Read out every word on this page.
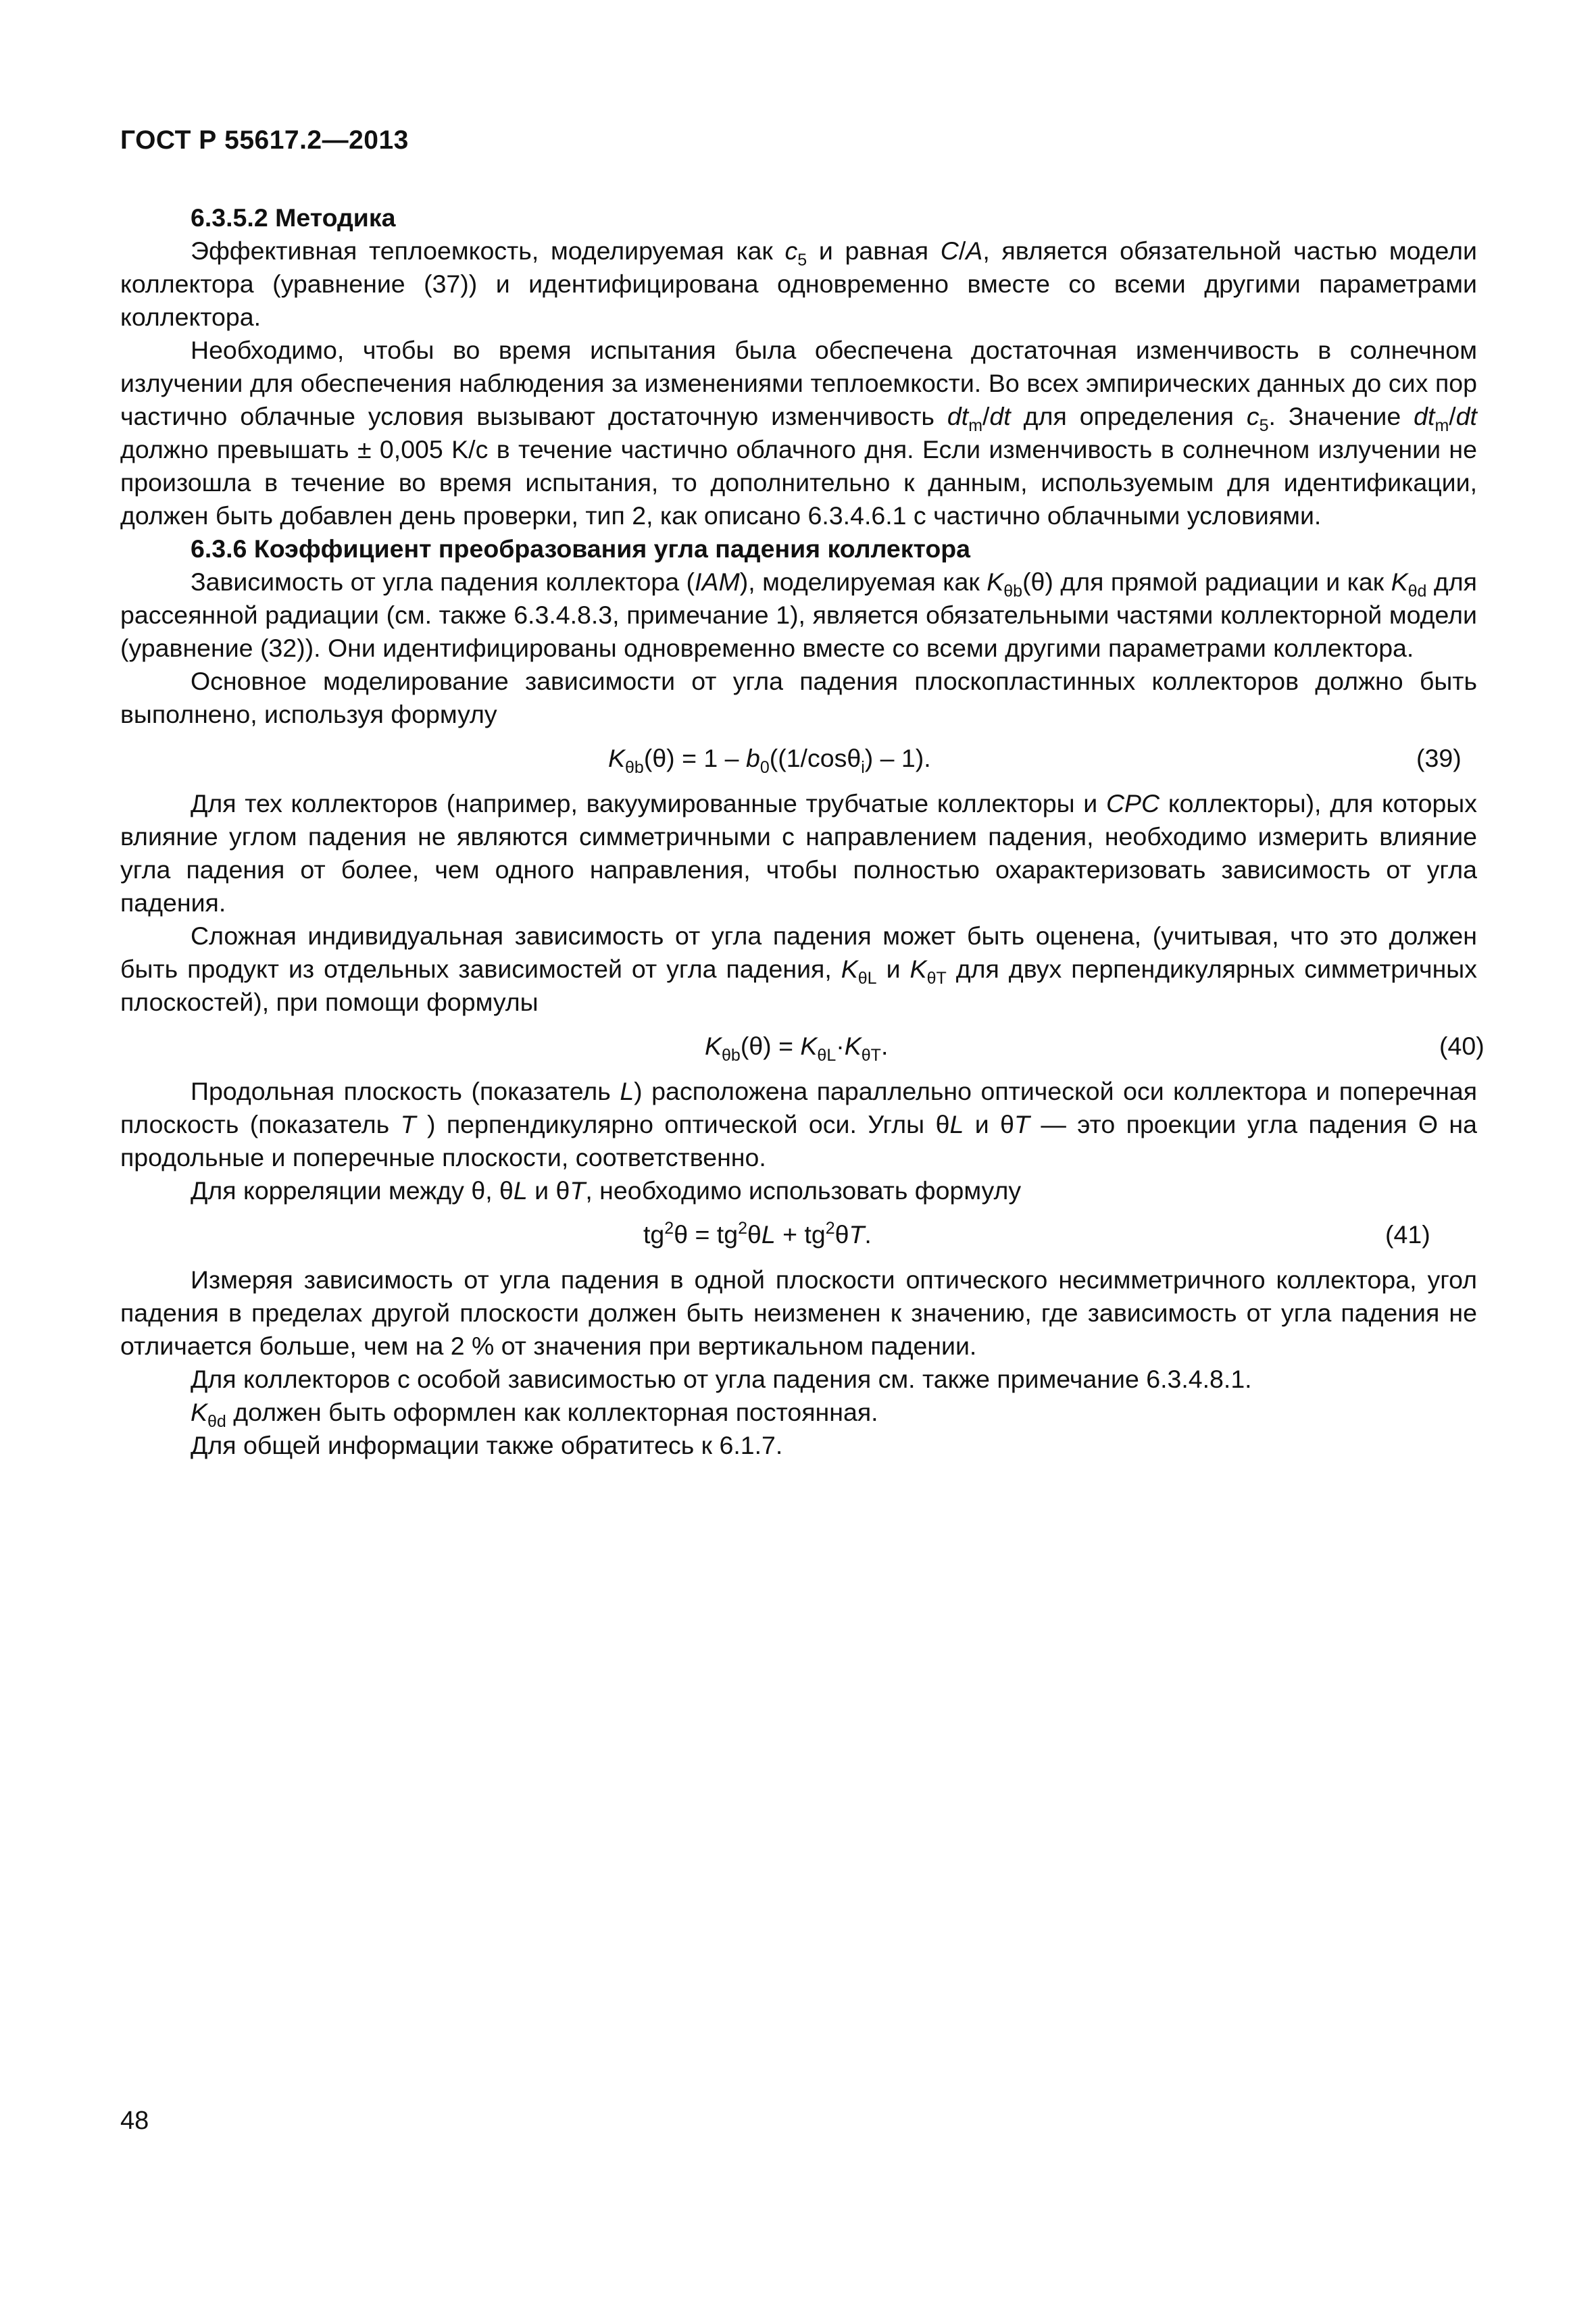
ГОСТ Р 55617.2—2013
6.3.5.2 Методика

Эффективная теплоемкость, моделируемая как $c_5$ и равная C/A, является обязательной частью модели коллектора (уравнение (37)) и идентифицирована одновременно вместе со всеми другими параметрами коллектора.

Необходимо, чтобы во время испытания была обеспечена достаточная изменчивость в солнечном излучении для обеспечения наблюдения за изменениями теплоемкости. Во всех эмпирических данных до сих пор частично облачные условия вызывают достаточную изменчивость $dt_m/dt$ для определения $c_5$. Значение $dt_m/dt$ должно превышать ± 0,005 K/с в течение частично облачного дня. Если изменчивость в солнечном излучении не произошла в течение во время испытания, то дополнительно к данным, используемым для идентификации, должен быть добавлен день проверки, тип 2, как описано 6.3.4.6.1 с частично облачными условиями.

6.3.6 Коэффициент преобразования угла падения коллектора

Зависимость от угла падения коллектора (IAM), моделируемая как $K_{\theta b}(\theta)$ для прямой радиации и как $K_{\theta d}$ для рассеянной радиации (см. также 6.3.4.8.3, примечание 1), является обязательными частями коллекторной модели (уравнение (32)). Они идентифицированы одновременно вместе со всеми другими параметрами коллектора.

Основное моделирование зависимости от угла падения плоскопластинных коллекторов должно быть выполнено, используя формулу

$K_{\theta b}(\theta) = 1 - b_0((1/\cos\theta_i) - 1)$.	(39)

Для тех коллекторов (например, вакуумированные трубчатые коллекторы и CPC коллекторы), для которых влияние углом падения не являются симметричными с направлением падения, необходимо измерить влияние угла падения от более, чем одного направления, чтобы полностью охарактеризовать зависимость от угла падения.

Сложная индивидуальная зависимость от угла падения может быть оценена, (учитывая, что это должен быть продукт из отдельных зависимостей от угла падения, $K_{\theta L}$ и $K_{\theta T}$ для двух перпендикулярных симметричных плоскостей), при помощи формулы

$K_{\theta b}(\theta) = K_{\theta L}\cdot K_{\theta T}$.	(40)

Продольная плоскость (показатель L) расположена параллельно оптической оси коллектора и поперечная плоскость (показатель T ) перпендикулярно оптической оси. Углы θL и θT — это проекции угла падения Θ на продольные и поперечные плоскости, соответственно.

Для корреляции между θ, θL и θT, необходимо использовать формулу

$tg^2\theta = tg^2\theta L + tg^2\theta T$.	(41)

Измеряя зависимость от угла падения в одной плоскости оптического несимметричного коллектора, угол падения в пределах другой плоскости должен быть неизменен к значению, где зависимость от угла падения не отличается больше, чем на 2 % от значения при вертикальном падении.

Для коллекторов с особой зависимостью от угла падения см. также примечание 6.3.4.8.1.

$K_{\theta d}$ должен быть оформлен как коллекторная постоянная.

Для общей информации также обратитесь к 6.1.7.

48
